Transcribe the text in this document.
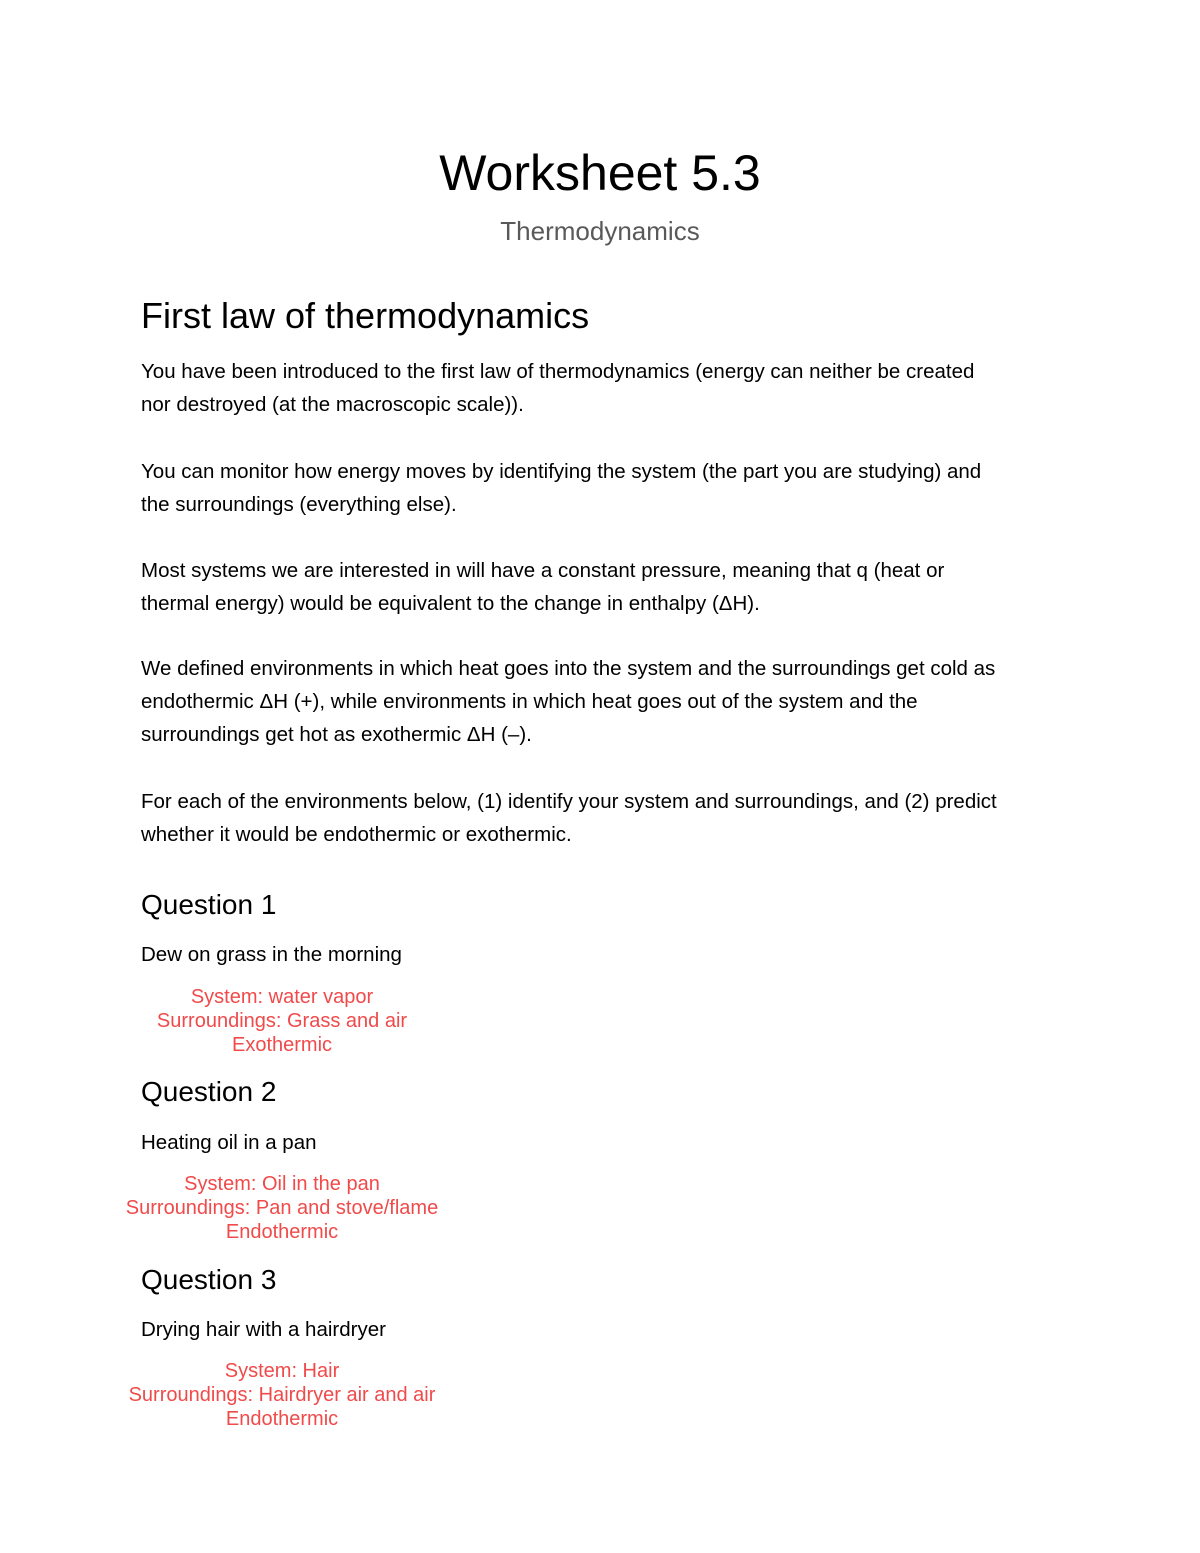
Worksheet 5.3
Thermodynamics
First law of thermodynamics

You have been introduced to the first law of thermodynamics (energy can neither be created
nor destroyed (at the macroscopic scale)).

You can monitor how energy moves by identifying the system (the part you are studying) and
the surroundings (everything else).

Most systems we are interested in will have a constant pressure, meaning that q (heat or
thermal energy) would be equivalent to the change in enthalpy (ΔH).

We defined environments in which heat goes into the system and the surroundings get cold as
endothermic ΔH (+), while environments in which heat goes out of the system and the
surroundings get hot as exothermic ΔH (–).

For each of the environments below, (1) identify your system and surroundings, and (2) predict
whether it would be endothermic or exothermic.

Question 1
Dew on grass in the morning
System: water vapor
Surroundings: Grass and air
Exothermic
Question 2
Heating oil in a pan
System: Oil in the pan
Surroundings: Pan and stove/flame
Endothermic
Question 3
Drying hair with a hairdryer
System: Hair
Surroundings: Hairdryer air and air
Endothermic
